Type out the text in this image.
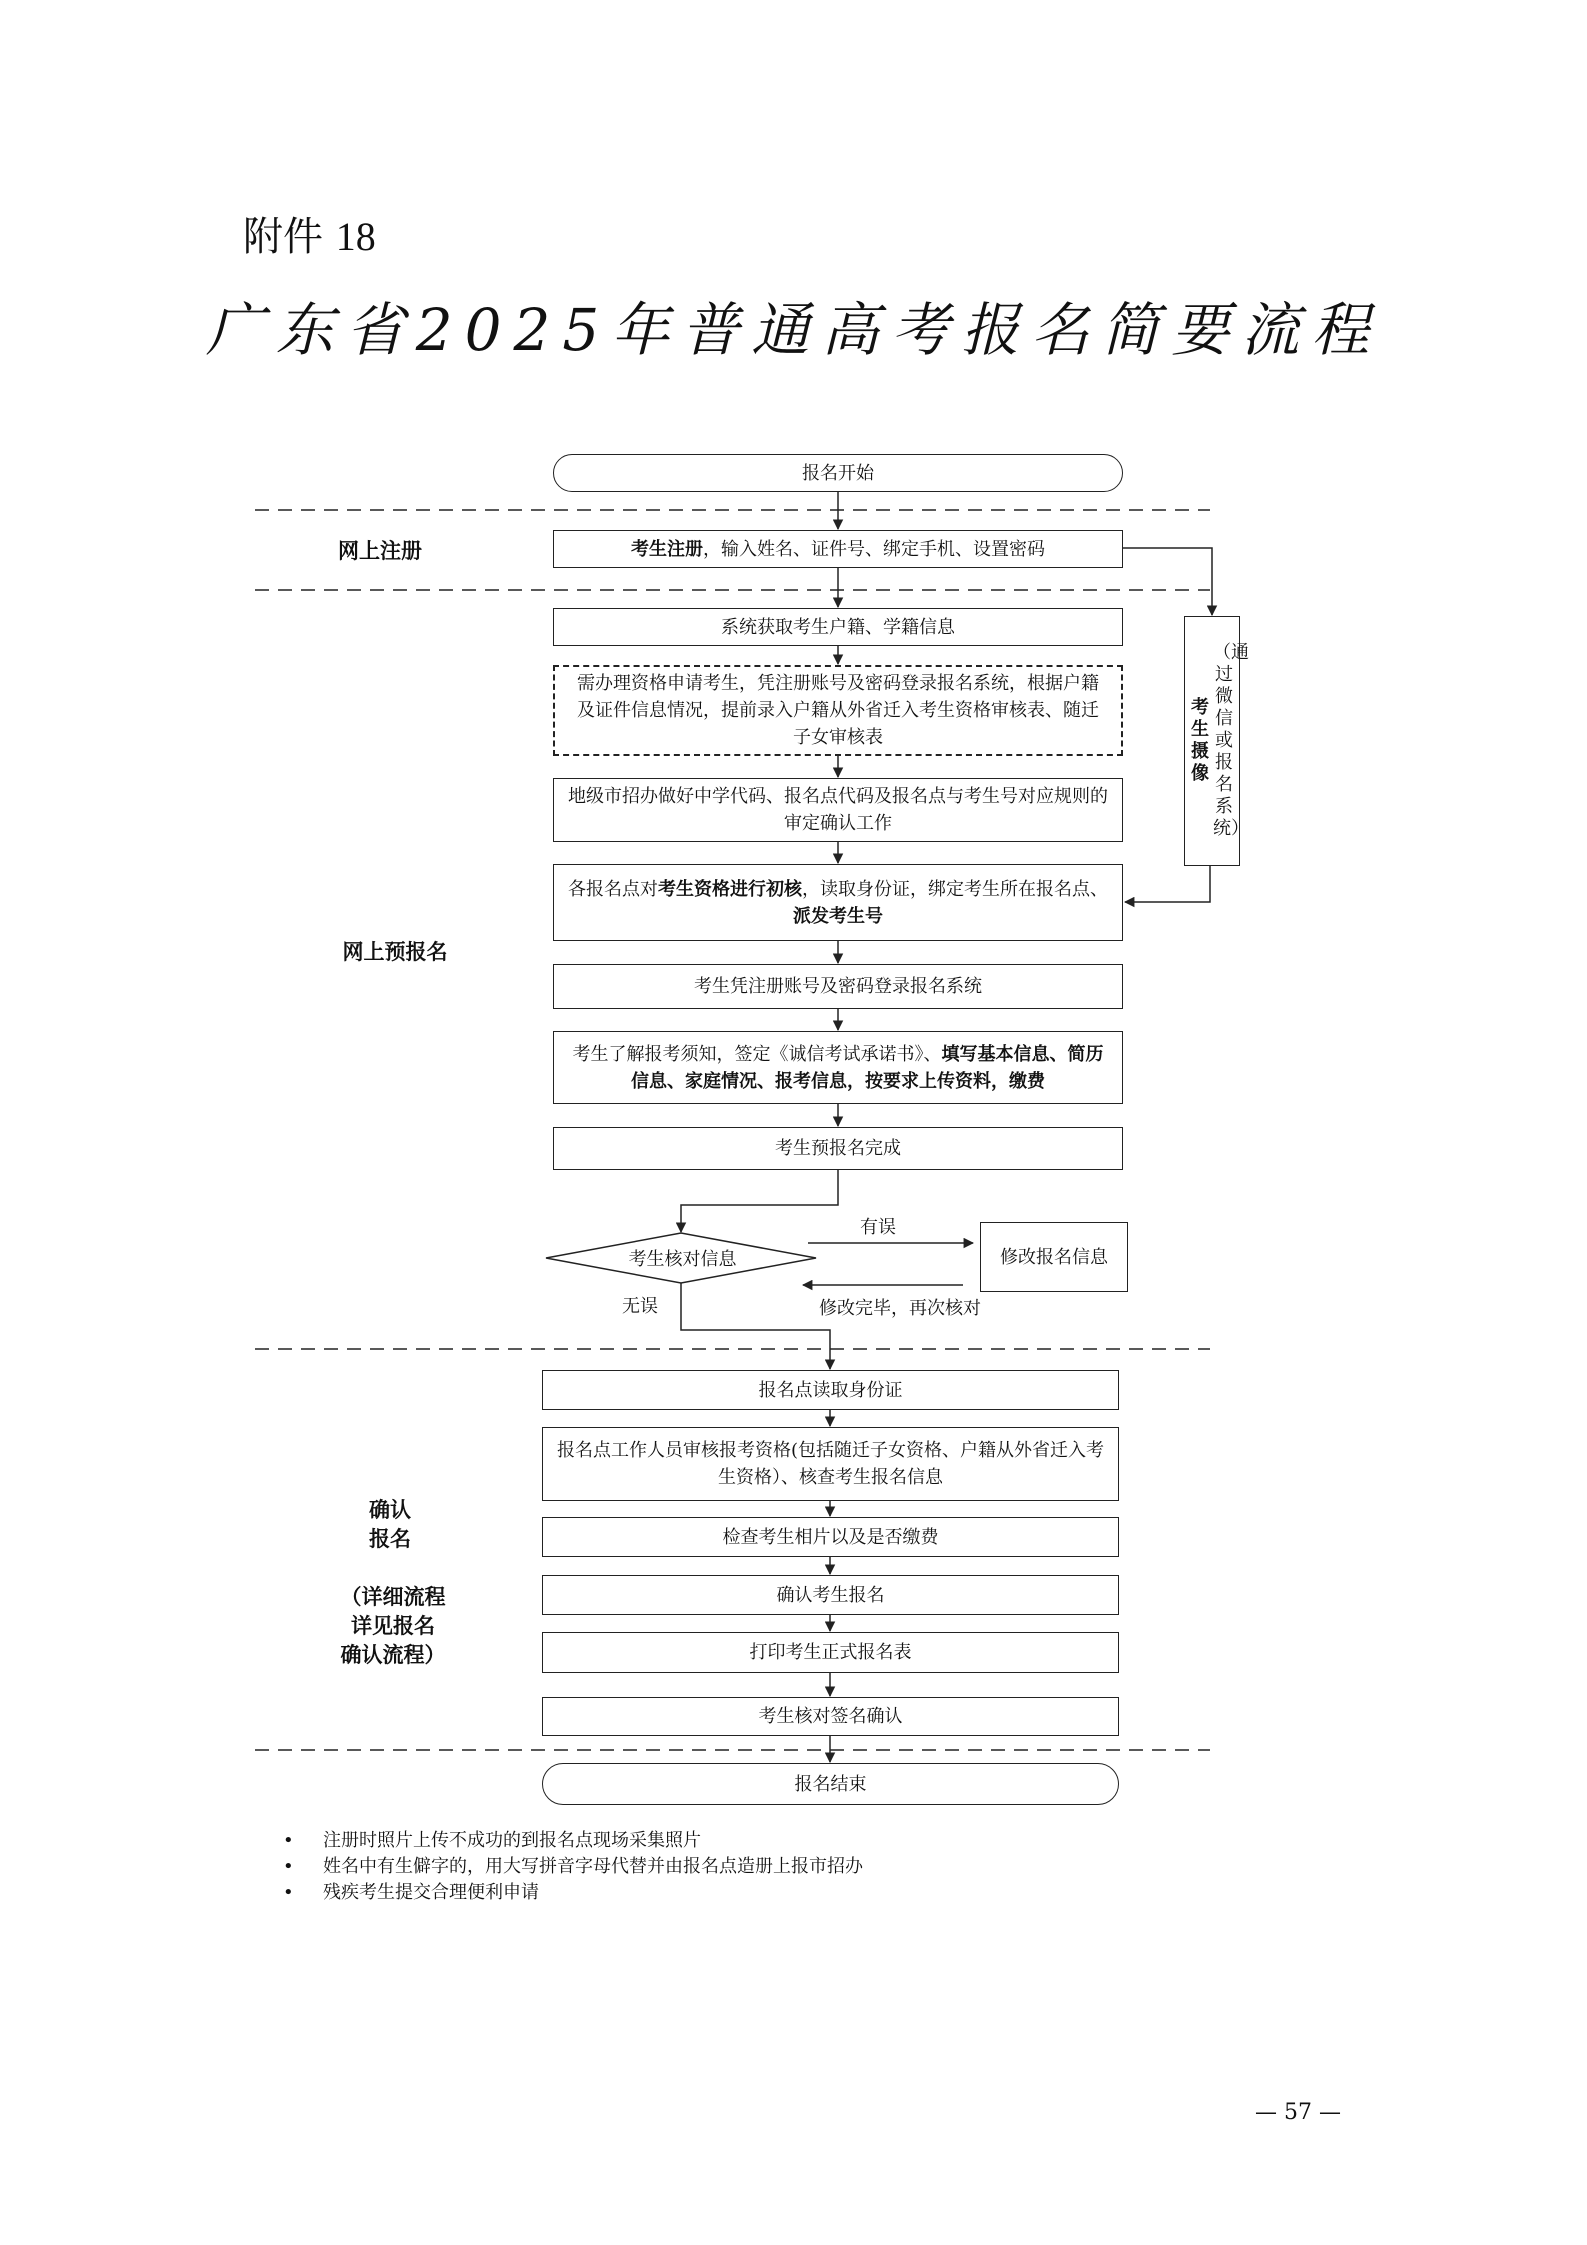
附件 18
广东省2025年普通高考报名简要流程
报名开始
网上注册	考生注册，输入姓名、证件号、绑定手机、设置密码
系统获取考生户籍、学籍信息
需办理资格申请考生，凭注册账号及密码登录报名系统，根据户籍及证件信息情况，提前录入户籍从外省迁入考生资格审核表、随迁子女审核表
地级市招办做好中学代码、报名点代码及报名点与考生号对应规则的审定确认工作
各报名点对考生资格进行初核，读取身份证，绑定考生所在报名点、派发考生号
（通过微信或报名系统）
考生摄像
网上预报名
考生凭注册账号及密码登录报名系统
考生了解报考须知，签定《诚信考试承诺书》、填写基本信息、简历信息、家庭情况、报考信息，按要求上传资料，缴费
考生预报名完成
考生核对信息
有误
修改报名信息
修改完毕，再次核对
无误
报名点读取身份证
报名点工作人员审核报考资格(包括随迁子女资格、户籍从外省迁入考生资格）、核查考生报名信息
确认
报名
（详细流程
详见报名
确认流程）
检查考生相片以及是否缴费
确认考生报名
打印考生正式报名表
考生核对签名确认
报名结束
• 注册时照片上传不成功的到报名点现场采集照片
• 姓名中有生僻字的，用大写拼音字母代替并由报名点造册上报市招办
• 残疾考生提交合理便利申请
— 57 —
